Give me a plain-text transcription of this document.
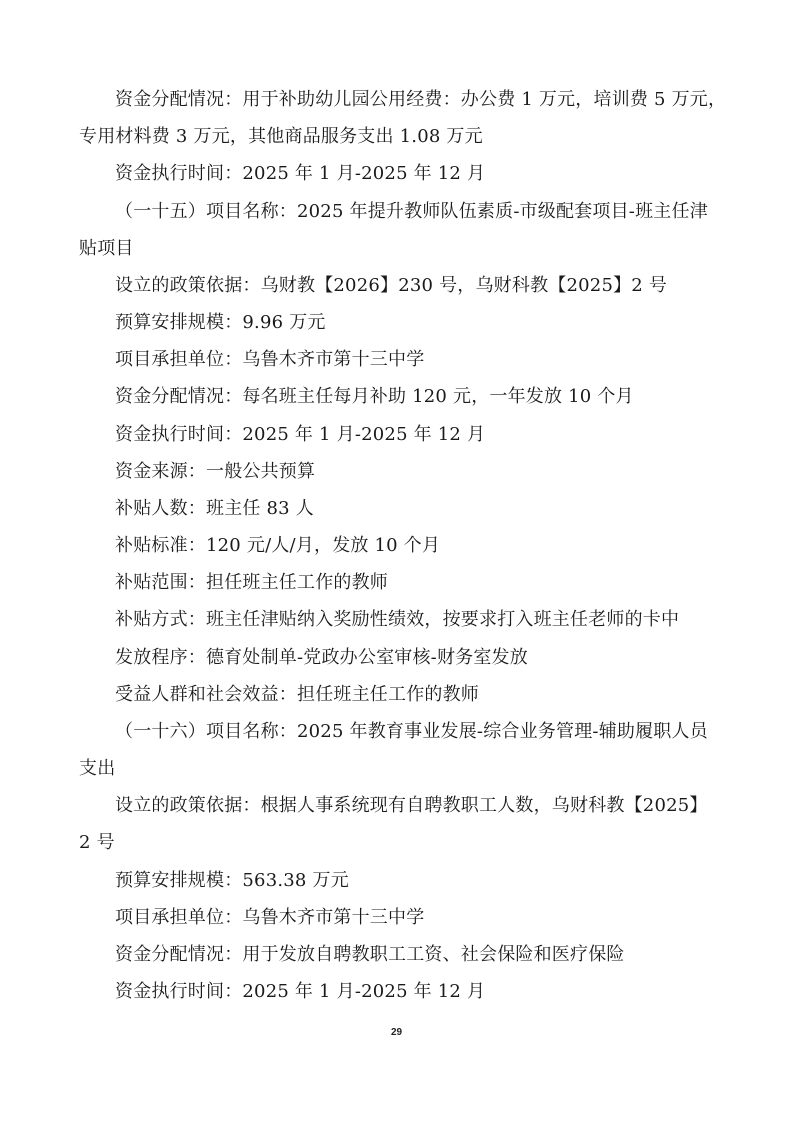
资金分配情况：用于补助幼儿园公用经费：办公费 1 万元，培训费 5 万元，
专用材料费 3 万元，其他商品服务支出 1.08 万元
资金执行时间：2025 年 1 月-2025 年 12 月
（一十五）项目名称：2025 年提升教师队伍素质-市级配套项目-班主任津
贴项目
设立的政策依据：乌财教【2026】230 号，乌财科教【2025】2 号
预算安排规模：9.96 万元
项目承担单位：乌鲁木齐市第十三中学
资金分配情况：每名班主任每月补助 120 元，一年发放 10 个月
资金执行时间：2025 年 1 月-2025 年 12 月
资金来源：一般公共预算
补贴人数：班主任 83 人
补贴标准：120 元/人/月，发放 10 个月
补贴范围：担任班主任工作的教师
补贴方式：班主任津贴纳入奖励性绩效，按要求打入班主任老师的卡中
发放程序：德育处制单-党政办公室审核-财务室发放
受益人群和社会效益：担任班主任工作的教师
（一十六）项目名称：2025 年教育事业发展-综合业务管理-辅助履职人员
支出
设立的政策依据：根据人事系统现有自聘教职工人数，乌财科教【2025】
2 号
预算安排规模：563.38 万元
项目承担单位：乌鲁木齐市第十三中学
资金分配情况：用于发放自聘教职工工资、社会保险和医疗保险
资金执行时间：2025 年 1 月-2025 年 12 月
29
